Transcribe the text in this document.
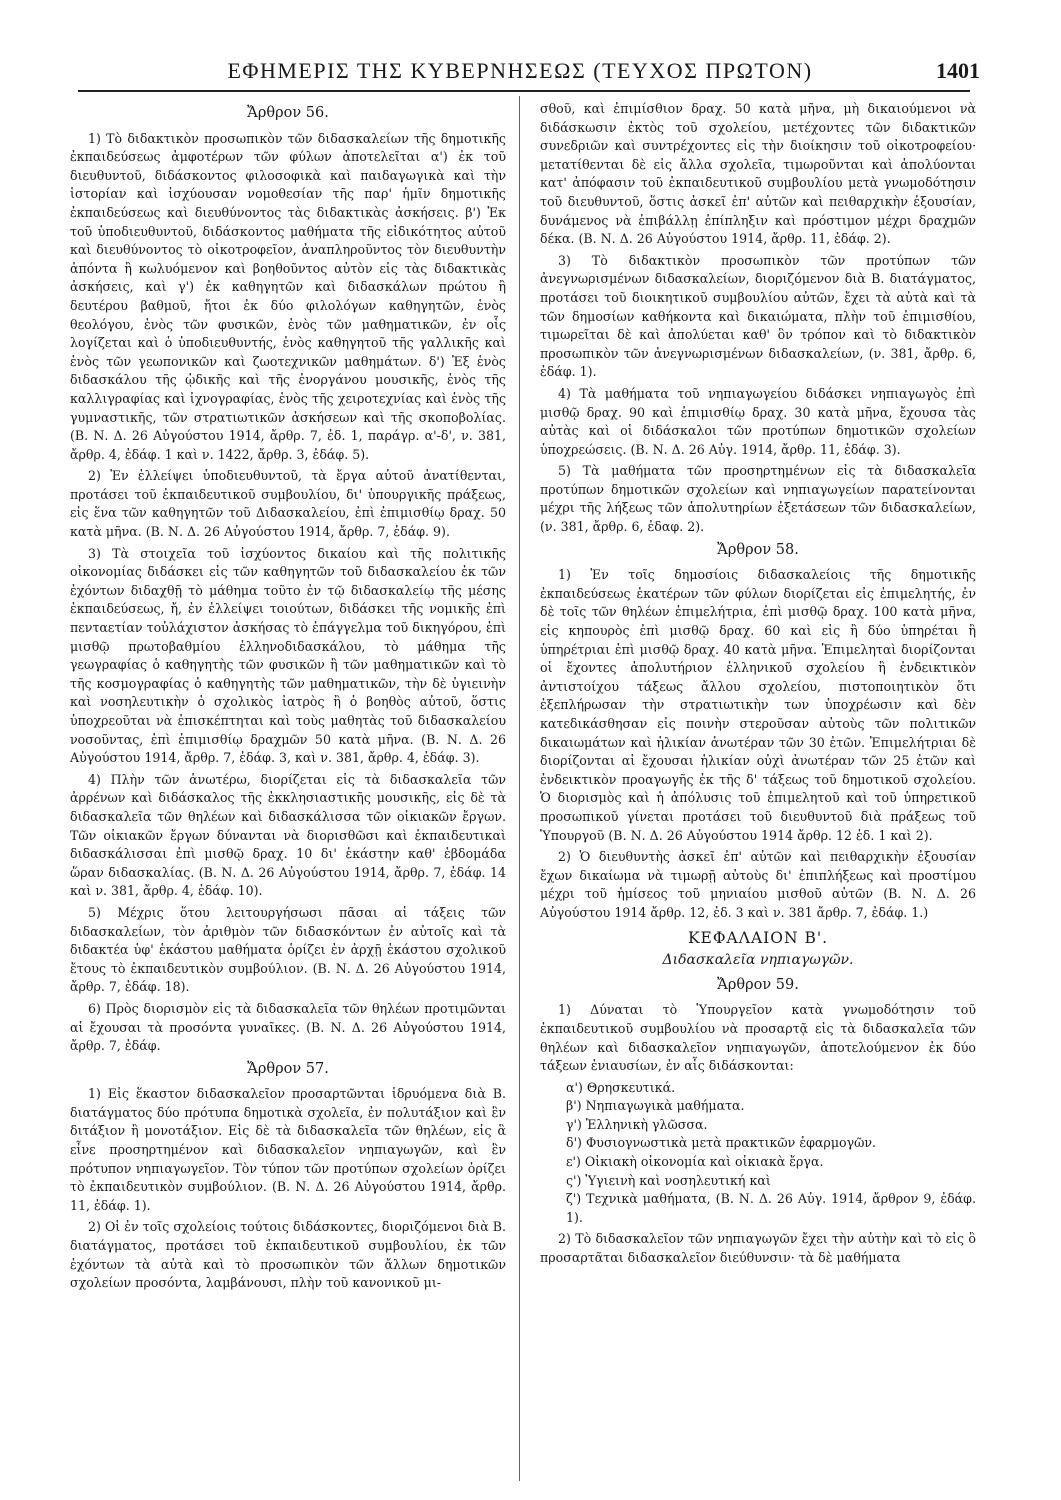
ΕΦΗΜΕΡΙΣ ΤΗΣ ΚΥΒΕΡΝΗΣΕΩΣ (ΤΕΥΧΟΣ ΠΡΩΤΟΝ)	1401
Ἄρθρον 56.

1) Τὸ διδακτικὸν προσωπικὸν τῶν διδασκαλείων τῆς δημοτικῆς ἐκπαιδεύσεως ἀμφοτέρων τῶν φύλων ἀποτελεῖται α') ἐκ τοῦ διευθυντοῦ, διδάσκοντος φιλοσοφικὰ καὶ παιδαγωγικὰ καὶ τὴν ἱστορίαν καὶ ἰσχύουσαν νομοθεσίαν τῆς παρ' ἡμῖν δημοτικῆς ἐκπαιδεύσεως καὶ διευθύνοντος τὰς διδακτικὰς ἀσκήσεις. β') Ἐκ τοῦ ὑποδιευθυντοῦ, διδάσκοντος μαθήματα τῆς εἰδικότητος αὐτοῦ καὶ διευθύνοντος τὸ οἰκοτροφεῖον, ἀναπληροῦντος τὸν διευθυντὴν ἀπόντα ἢ κωλυόμενον καὶ βοηθοῦντος αὐτὸν εἰς τὰς διδακτικὰς ἀσκήσεις, καὶ γ') ἐκ καθηγητῶν καὶ διδασκάλων πρώτου ἢ δευτέρου βαθμοῦ, ἤτοι ἐκ δύο φιλολόγων καθηγητῶν, ἑνὸς θεολόγου, ἑνὸς τῶν φυσικῶν, ἑνὸς τῶν μαθηματικῶν, ἐν οἷς λογίζεται καὶ ὁ ὑποδιευθυντής, ἑνὸς καθηγητοῦ τῆς γαλλικῆς καὶ ἑνὸς τῶν γεωπονικῶν καὶ ζωοτεχνικῶν μαθημάτων. δ') Ἐξ ἑνὸς διδασκάλου τῆς ᾠδικῆς καὶ τῆς ἐνοργάνου μουσικῆς, ἑνὸς τῆς καλλιγραφίας καὶ ἰχνογραφίας, ἑνὸς τῆς χειροτεχνίας καὶ ἑνὸς τῆς γυμναστικῆς, τῶν στρατιωτικῶν ἀσκήσεων καὶ τῆς σκοποβολίας. (Β. Ν. Δ. 26 Αὐγούστου 1914, ἄρθρ. 7, ἐδ. 1, παράγρ. α'-δ', ν. 381, ἄρθρ. 4, ἐδάφ. 1 καὶ ν. 1422, ἄρθρ. 3, ἐδάφ. 5).

2) Ἐν ἐλλείψει ὑποδιευθυντοῦ, τὰ ἔργα αὐτοῦ ἀνατίθενται, προτάσει τοῦ ἐκπαιδευτικοῦ συμβουλίου, δι' ὑπουργικῆς πράξεως, εἰς ἕνα τῶν καθηγητῶν τοῦ Διδασκαλείου, ἐπὶ ἐπιμισθίῳ δραχ. 50 κατὰ μῆνα. (Β. Ν. Δ. 26 Αὐγούστου 1914, ἄρθρ. 7, ἐδάφ. 9).

3) Τὰ στοιχεῖα τοῦ ἰσχύοντος δικαίου καὶ τῆς πολιτικῆς οἰκονομίας διδάσκει εἰς τῶν καθηγητῶν τοῦ διδασκαλείου ἐκ τῶν ἐχόντων διδαχθῇ τὸ μάθημα τοῦτο ἐν τῷ διδασκαλείῳ τῆς μέσης ἐκπαιδεύσεως, ἤ, ἐν ἐλλείψει τοιούτων, διδάσκει τῆς νομικῆς ἐπὶ πενταετίαν τοὐλάχιστον ἀσκήσας τὸ ἐπάγγελμα τοῦ δικηγόρου, ἐπὶ μισθῷ πρωτοβαθμίου ἑλληνοδιδασκάλου, τὸ μάθημα τῆς γεωγραφίας ὁ καθηγητὴς τῶν φυσικῶν ἢ τῶν μαθηματικῶν καὶ τὸ τῆς κοσμογραφίας ὁ καθηγητὴς τῶν μαθηματικῶν, τὴν δὲ ὑγιεινὴν καὶ νοσηλευτικὴν ὁ σχολικὸς ἰατρὸς ἢ ὁ βοηθὸς αὐτοῦ, ὅστις ὑποχρεοῦται νὰ ἐπισκέπτηται καὶ τοὺς μαθητὰς τοῦ διδασκαλείου νοσοῦντας, ἐπὶ ἐπιμισθίῳ δραχμῶν 50 κατὰ μῆνα. (Β. Ν. Δ. 26 Αὐγούστου 1914, ἄρθρ. 7, ἐδάφ. 3, καὶ ν. 381, ἄρθρ. 4, ἐδάφ. 3).

4) Πλὴν τῶν ἀνωτέρω, διορίζεται εἰς τὰ διδασκαλεῖα τῶν ἀρρένων καὶ διδάσκαλος τῆς ἐκκλησιαστικῆς μουσικῆς, εἰς δὲ τὰ διδασκαλεῖα τῶν θηλέων καὶ διδασκάλισσα τῶν οἰκιακῶν ἔργων. Τῶν οἰκιακῶν ἔργων δύνανται νὰ διορισθῶσι καὶ ἐκπαιδευτικαὶ διδασκάλισσαι ἐπὶ μισθῷ δραχ. 10 δι' ἑκάστην καθ' ἑβδομάδα ὥραν διδασκαλίας. (Β. Ν. Δ. 26 Αὐγούστου 1914, ἄρθρ. 7, ἐδάφ. 14 καὶ ν. 381, ἄρθρ. 4, ἐδάφ. 10).

5) Μέχρις ὅτου λειτουργήσωσι πᾶσαι αἱ τάξεις τῶν διδασκαλείων, τὸν ἀριθμὸν τῶν διδασκόντων ἐν αὐτοῖς καὶ τὰ διδακτέα ὑφ' ἑκάστου μαθήματα ὁρίζει ἐν ἀρχῇ ἑκάστου σχολικοῦ ἔτους τὸ ἐκπαιδευτικὸν συμβούλιον. (Β. Ν. Δ. 26 Αὐγούστου 1914, ἄρθρ. 7, ἐδάφ. 18).

6) Πρὸς διορισμὸν εἰς τὰ διδασκαλεῖα τῶν θηλέων προτιμῶνται αἱ ἔχουσαι τὰ προσόντα γυναῖκες. (Β. Ν. Δ. 26 Αὐγούστου 1914, ἄρθρ. 7, ἐδάφ.

Ἄρθρον 57.

1) Εἰς ἕκαστον διδασκαλεῖον προσαρτῶνται ἱδρυόμενα διὰ Β. διατάγματος δύο πρότυπα δημοτικὰ σχολεῖα, ἐν πολυτάξιον καὶ ἓν διτάξιον ἢ μονοτάξιον. Εἰς δὲ τὰ διδασκαλεῖα τῶν θηλέων, εἰς ἃ εἶνε προσηρτημένον καὶ διδασκαλεῖον νηπιαγωγῶν, καὶ ἓν πρότυπον νηπιαγωγεῖον. Τὸν τύπον τῶν προτύπων σχολείων ὁρίζει τὸ ἐκπαιδευτικὸν συμβούλιον. (Β. Ν. Δ. 26 Αὐγούστου 1914, ἄρθρ. 11, ἐδάφ. 1).

2) Οἱ ἐν τοῖς σχολείοις τούτοις διδάσκοντες, διοριζόμενοι διὰ Β. διατάγματος, προτάσει τοῦ ἐκπαιδευτικοῦ συμβουλίου, ἐκ τῶν ἐχόντων τὰ αὐτὰ καὶ τὸ προσωπικὸν τῶν ἄλλων δημοτικῶν σχολείων προσόντα, λαμβάνουσι, πλὴν τοῦ κανονικοῦ μι-

σθοῦ, καὶ ἐπιμίσθιον δραχ. 50 κατὰ μῆνα, μὴ δικαιούμενοι νὰ διδάσκωσιν ἐκτὸς τοῦ σχολείου, μετέχοντες τῶν διδακτικῶν συνεδριῶν καὶ συντρέχοντες εἰς τὴν διοίκησιν τοῦ οἰκοτροφείου· μετατίθενται δὲ εἰς ἄλλα σχολεῖα, τιμωροῦνται καὶ ἀπολύονται κατ' ἀπόφασιν τοῦ ἐκπαιδευτικοῦ συμβουλίου μετὰ γνωμοδότησιν τοῦ διευθυντοῦ, ὅστις ἀσκεῖ ἐπ' αὐτῶν καὶ πειθαρχικὴν ἐξουσίαν, δυνάμενος νὰ ἐπιβάλλῃ ἐπίπληξιν καὶ πρόστιμον μέχρι δραχμῶν δέκα. (Β. Ν. Δ. 26 Αὐγούστου 1914, ἄρθρ. 11, ἐδάφ. 2).

3) Τὸ διδακτικὸν προσωπικὸν τῶν προτύπων τῶν ἀνεγνωρισμένων διδασκαλείων, διοριζόμενον διὰ Β. διατάγματος, προτάσει τοῦ διοικητικοῦ συμβουλίου αὐτῶν, ἔχει τὰ αὐτὰ καὶ τὰ τῶν δημοσίων καθήκοντα καὶ δικαιώματα, πλὴν τοῦ ἐπιμισθίου, τιμωρεῖται δὲ καὶ ἀπολύεται καθ' ὃν τρόπον καὶ τὸ διδακτικὸν προσωπικὸν τῶν ἀνεγνωρισμένων διδασκαλείων, (ν. 381, ἄρθρ. 6, ἐδάφ. 1).

4) Τὰ μαθήματα τοῦ νηπιαγωγείου διδάσκει νηπιαγωγὸς ἐπὶ μισθῷ δραχ. 90 καὶ ἐπιμισθίῳ δραχ. 30 κατὰ μῆνα, ἔχουσα τὰς αὐτὰς καὶ οἱ διδάσκαλοι τῶν προτύπων δημοτικῶν σχολείων ὑποχρεώσεις. (Β. Ν. Δ. 26 Αὐγ. 1914, ἄρθρ. 11, ἐδάφ. 3).

5) Τὰ μαθήματα τῶν προσηρτημένων εἰς τὰ διδασκαλεῖα προτύπων δημοτικῶν σχολείων καὶ νηπιαγωγείων παρατείνονται μέχρι τῆς λήξεως τῶν ἀπολυτηρίων ἐξετάσεων τῶν διδασκαλείων, (ν. 381, ἄρθρ. 6, ἐδαφ. 2).

Ἄρθρον 58.

1) Ἐν τοῖς δημοσίοις διδασκαλείοις τῆς δημοτικῆς ἐκπαιδεύσεως ἑκατέρων τῶν φύλων διορίζεται εἰς ἐπιμελητής, ἐν δὲ τοῖς τῶν θηλέων ἐπιμελήτρια, ἐπὶ μισθῷ δραχ. 100 κατὰ μῆνα, εἰς κηπουρὸς ἐπὶ μισθῷ δραχ. 60 καὶ εἰς ἢ δύο ὑπηρέται ἢ ὑπηρέτριαι ἐπὶ μισθῷ δραχ. 40 κατὰ μῆνα. Ἐπιμεληταὶ διορίζονται οἱ ἔχοντες ἀπολυτήριον ἑλληνικοῦ σχολείου ἢ ἐνδεικτικὸν ἀντιστοίχου τάξεως ἄλλου σχολείου, πιστοποιητικὸν ὅτι ἐξεπλήρωσαν τὴν στρατιωτικὴν των ὑποχρέωσιν καὶ δὲν κατεδικάσθησαν εἰς ποινὴν στεροῦσαν αὐτοὺς τῶν πολιτικῶν δικαιωμάτων καὶ ἡλικίαν ἀνωτέραν τῶν 30 ἐτῶν. Ἐπιμελήτριαι δὲ διορίζονται αἱ ἔχουσαι ἡλικίαν οὐχὶ ἀνωτέραν τῶν 25 ἐτῶν καὶ ἐνδεικτικὸν προαγωγῆς ἐκ τῆς δ' τάξεως τοῦ δημοτικοῦ σχολείου. Ὁ διορισμὸς καὶ ἡ ἀπόλυσις τοῦ ἐπιμελητοῦ καὶ τοῦ ὑπηρετικοῦ προσωπικοῦ γίνεται προτάσει τοῦ διευθυντοῦ διὰ πράξεως τοῦ Ὑπουργοῦ (Β. Ν. Δ. 26 Αὐγούστου 1914 ἄρθρ. 12 ἐδ. 1 καὶ 2).

2) Ὁ διευθυντὴς ἀσκεῖ ἐπ' αὐτῶν καὶ πειθαρχικὴν ἐξουσίαν ἔχων δικαίωμα νὰ τιμωρῇ αὐτοὺς δι' ἐπιπλήξεως καὶ προστίμου μέχρι τοῦ ἡμίσεος τοῦ μηνιαίου μισθοῦ αὐτῶν (Β. Ν. Δ. 26 Αὐγούστου 1914 ἄρθρ. 12, ἐδ. 3 καὶ ν. 381 ἄρθρ. 7, ἐδάφ. 1.)

ΚΕΦΑΛΑΙΟΝ Β'.
Διδασκαλεῖα νηπιαγωγῶν.
Ἄρθρον 59.

1) Δύναται τὸ Ὑπουργεῖον κατὰ γνωμοδότησιν τοῦ ἐκπαιδευτικοῦ συμβουλίου νὰ προσαρτᾷ εἰς τὰ διδασκαλεῖα τῶν θηλέων καὶ διδασκαλεῖον νηπιαγωγῶν, ἀποτελούμενον ἐκ δύο τάξεων ἐνιαυσίων, ἐν αἷς διδάσκονται:

α') Θρησκευτικά.
β') Νηπιαγωγικὰ μαθήματα.
γ') Ἑλληνικὴ γλῶσσα.
δ') Φυσιογνωστικὰ μετὰ πρακτικῶν ἐφαρμογῶν.
ε') Οἰκιακὴ οἰκονομία καὶ οἰκιακὰ ἔργα.
ς') Ὑγιεινὴ καὶ νοσηλευτική καὶ
ζ') Τεχνικὰ μαθήματα, (Β. Ν. Δ. 26 Αὐγ. 1914, ἄρθρον 9, ἐδάφ. 1).

2) Τὸ διδασκαλεῖον τῶν νηπιαγωγῶν ἔχει τὴν αὐτὴν καὶ τὸ εἰς ὃ προσαρτᾶται διδασκαλεῖον διεύθυνσιν· τὰ δὲ μαθήματα
